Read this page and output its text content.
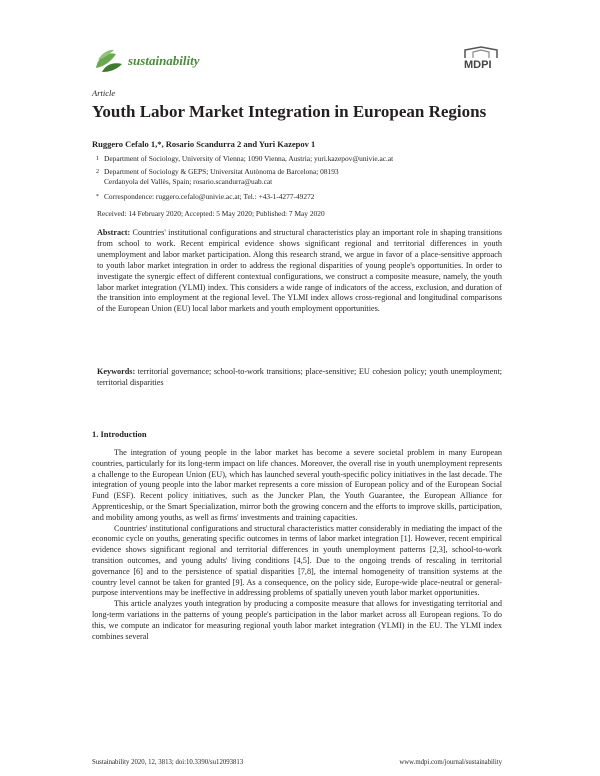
sustainability	MDPI
Article
Youth Labor Market Integration in European Regions
Ruggero Cefalo 1,*, Rosario Scandurra 2 and Yuri Kazepov 1
1 Department of Sociology, University of Vienna; 1090 Vienna, Austria; yuri.kazepov@univie.ac.at
2 Department of Sociology & GEPS; Universitat Autònoma de Barcelona; 08193 Cerdanyola del Vallès, Spain; rosario.scandurra@uab.cat
* Correspondence: ruggero.cefalo@univie.ac.at; Tel.: +43-1-4277-49272
Received: 14 February 2020; Accepted: 5 May 2020; Published: 7 May 2020
Abstract: Countries' institutional configurations and structural characteristics play an important role in shaping transitions from school to work. Recent empirical evidence shows significant regional and territorial differences in youth unemployment and labor market participation. Along this research strand, we argue in favor of a place-sensitive approach to youth labor market integration in order to address the regional disparities of young people's opportunities. In order to investigate the synergic effect of different contextual configurations, we construct a composite measure, namely, the youth labor market integration (YLMI) index. This considers a wide range of indicators of the access, exclusion, and duration of the transition into employment at the regional level. The YLMI index allows cross-regional and longitudinal comparisons of the European Union (EU) local labor markets and youth employment opportunities.
Keywords: territorial governance; school-to-work transitions; place-sensitive; EU cohesion policy; youth unemployment; territorial disparities
1. Introduction

The integration of young people in the labor market has become a severe societal problem in many European countries, particularly for its long-term impact on life chances. Moreover, the overall rise in youth unemployment represents a challenge to the European Union (EU), which has launched several youth-specific policy initiatives in the last decade. The integration of young people into the labor market represents a core mission of European policy and of the European Social Fund (ESF). Recent policy initiatives, such as the Juncker Plan, the Youth Guarantee, the European Alliance for Apprenticeship, or the Smart Specialization, mirror both the growing concern and the efforts to improve skills, participation, and mobility among youths, as well as firms' investments and training capacities.

Countries' institutional configurations and structural characteristics matter considerably in mediating the impact of the economic cycle on youths, generating specific outcomes in terms of labor market integration [1]. However, recent empirical evidence shows significant regional and territorial differences in youth unemployment patterns [2,3], school-to-work transition outcomes, and young adults' living conditions [4,5]. Due to the ongoing trends of rescaling in territorial governance [6] and to the persistence of spatial disparities [7,8], the internal homogeneity of transition systems at the country level cannot be taken for granted [9]. As a consequence, on the policy side, Europe-wide place-neutral or general-purpose interventions may be ineffective in addressing problems of spatially uneven youth labor market opportunities.

This article analyzes youth integration by producing a composite measure that allows for investigating territorial and long-term variations in the patterns of young people's participation in the labor market across all European regions. To do this, we compute an indicator for measuring regional youth labor market integration (YLMI) in the EU. The YLMI index combines several

Sustainability 2020, 12, 3813; doi:10.3390/su12093813	www.mdpi.com/journal/sustainability
